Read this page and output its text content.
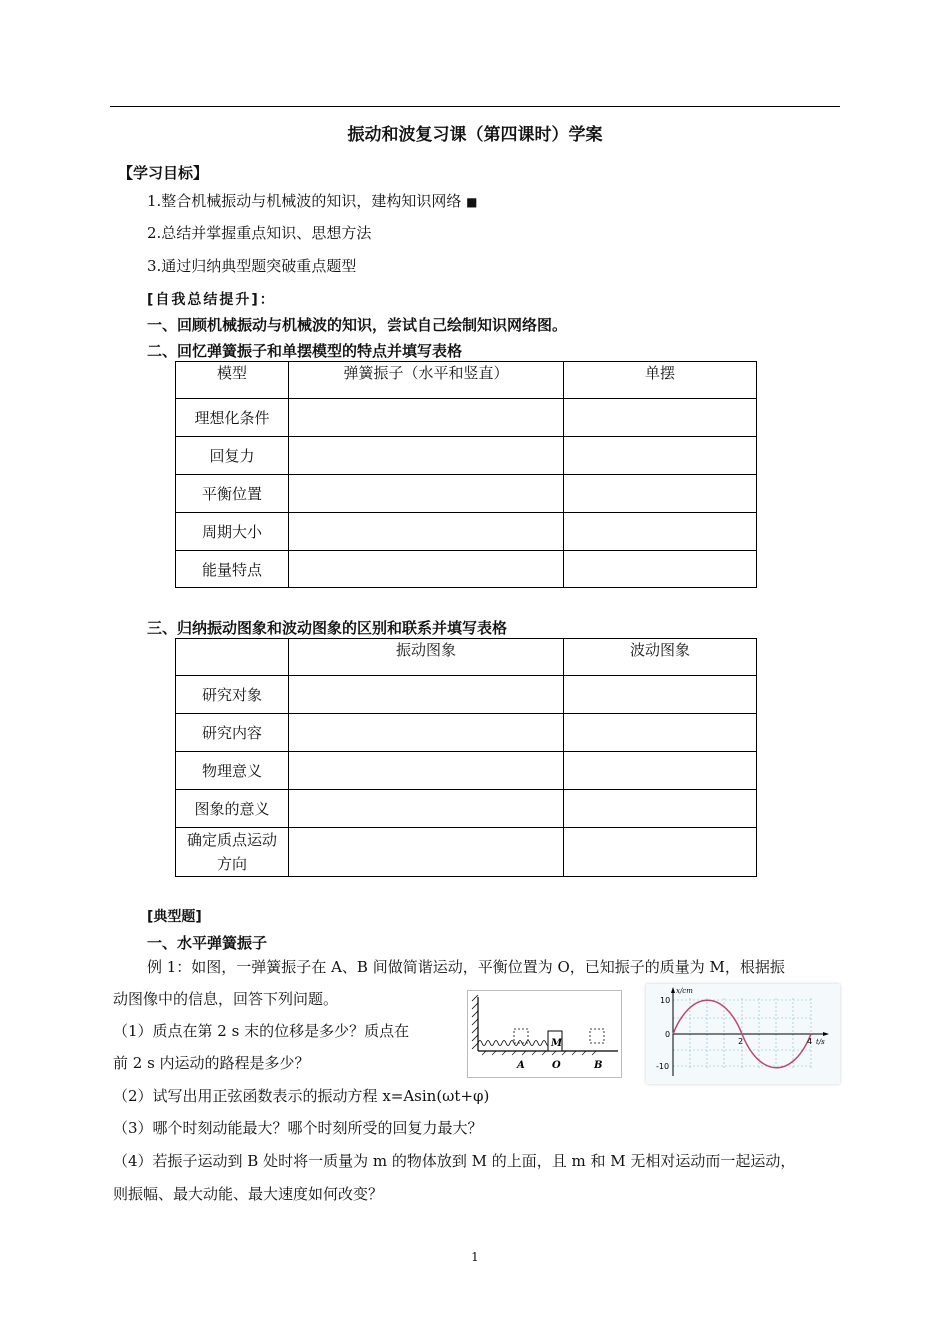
振动和波复习课（第四课时）学案
【学习目标】
1.整合机械振动与机械波的知识，建构知识网络 ■
2.总结并掌握重点知识、思想方法
3.通过归纳典型题突破重点题型
[自我总结提升]：
一、回顾机械振动与机械波的知识，尝试自己绘制知识网络图。
二、回忆弹簧振子和单摆模型的特点并填写表格
模型	弹簧振子（水平和竖直）	单摆
理想化条件		
回复力		
平衡位置		
周期大小		
能量特点		
三、归纳振动图象和波动图象的区别和联系并填写表格
	振动图象	波动图象
研究对象		
研究内容		
物理意义		
图象的意义		
确定质点运动方向		
[典型题]
一、水平弹簧振子
例 1：如图，一弹簧振子在 A、B 间做简谐运动，平衡位置为 O，已知振子的质量为 M，根据振
动图像中的信息，回答下列问题。
（1）质点在第 2 s 末的位移是多少？质点在
前 2 s 内运动的路程是多少？
（2）试写出用正弦函数表示的振动方程 x=Asin(ωt+φ)
（3）哪个时刻动能最大？哪个时刻所受的回复力最大？
（4）若振子运动到 B 处时将一质量为 m 的物体放到 M 的上面，且 m 和 M 无相对运动而一起运动，
则振幅、最大动能、最大速度如何改变？
M
A	O	B
x/cm
t/s
10
0
-10
2	4
1
